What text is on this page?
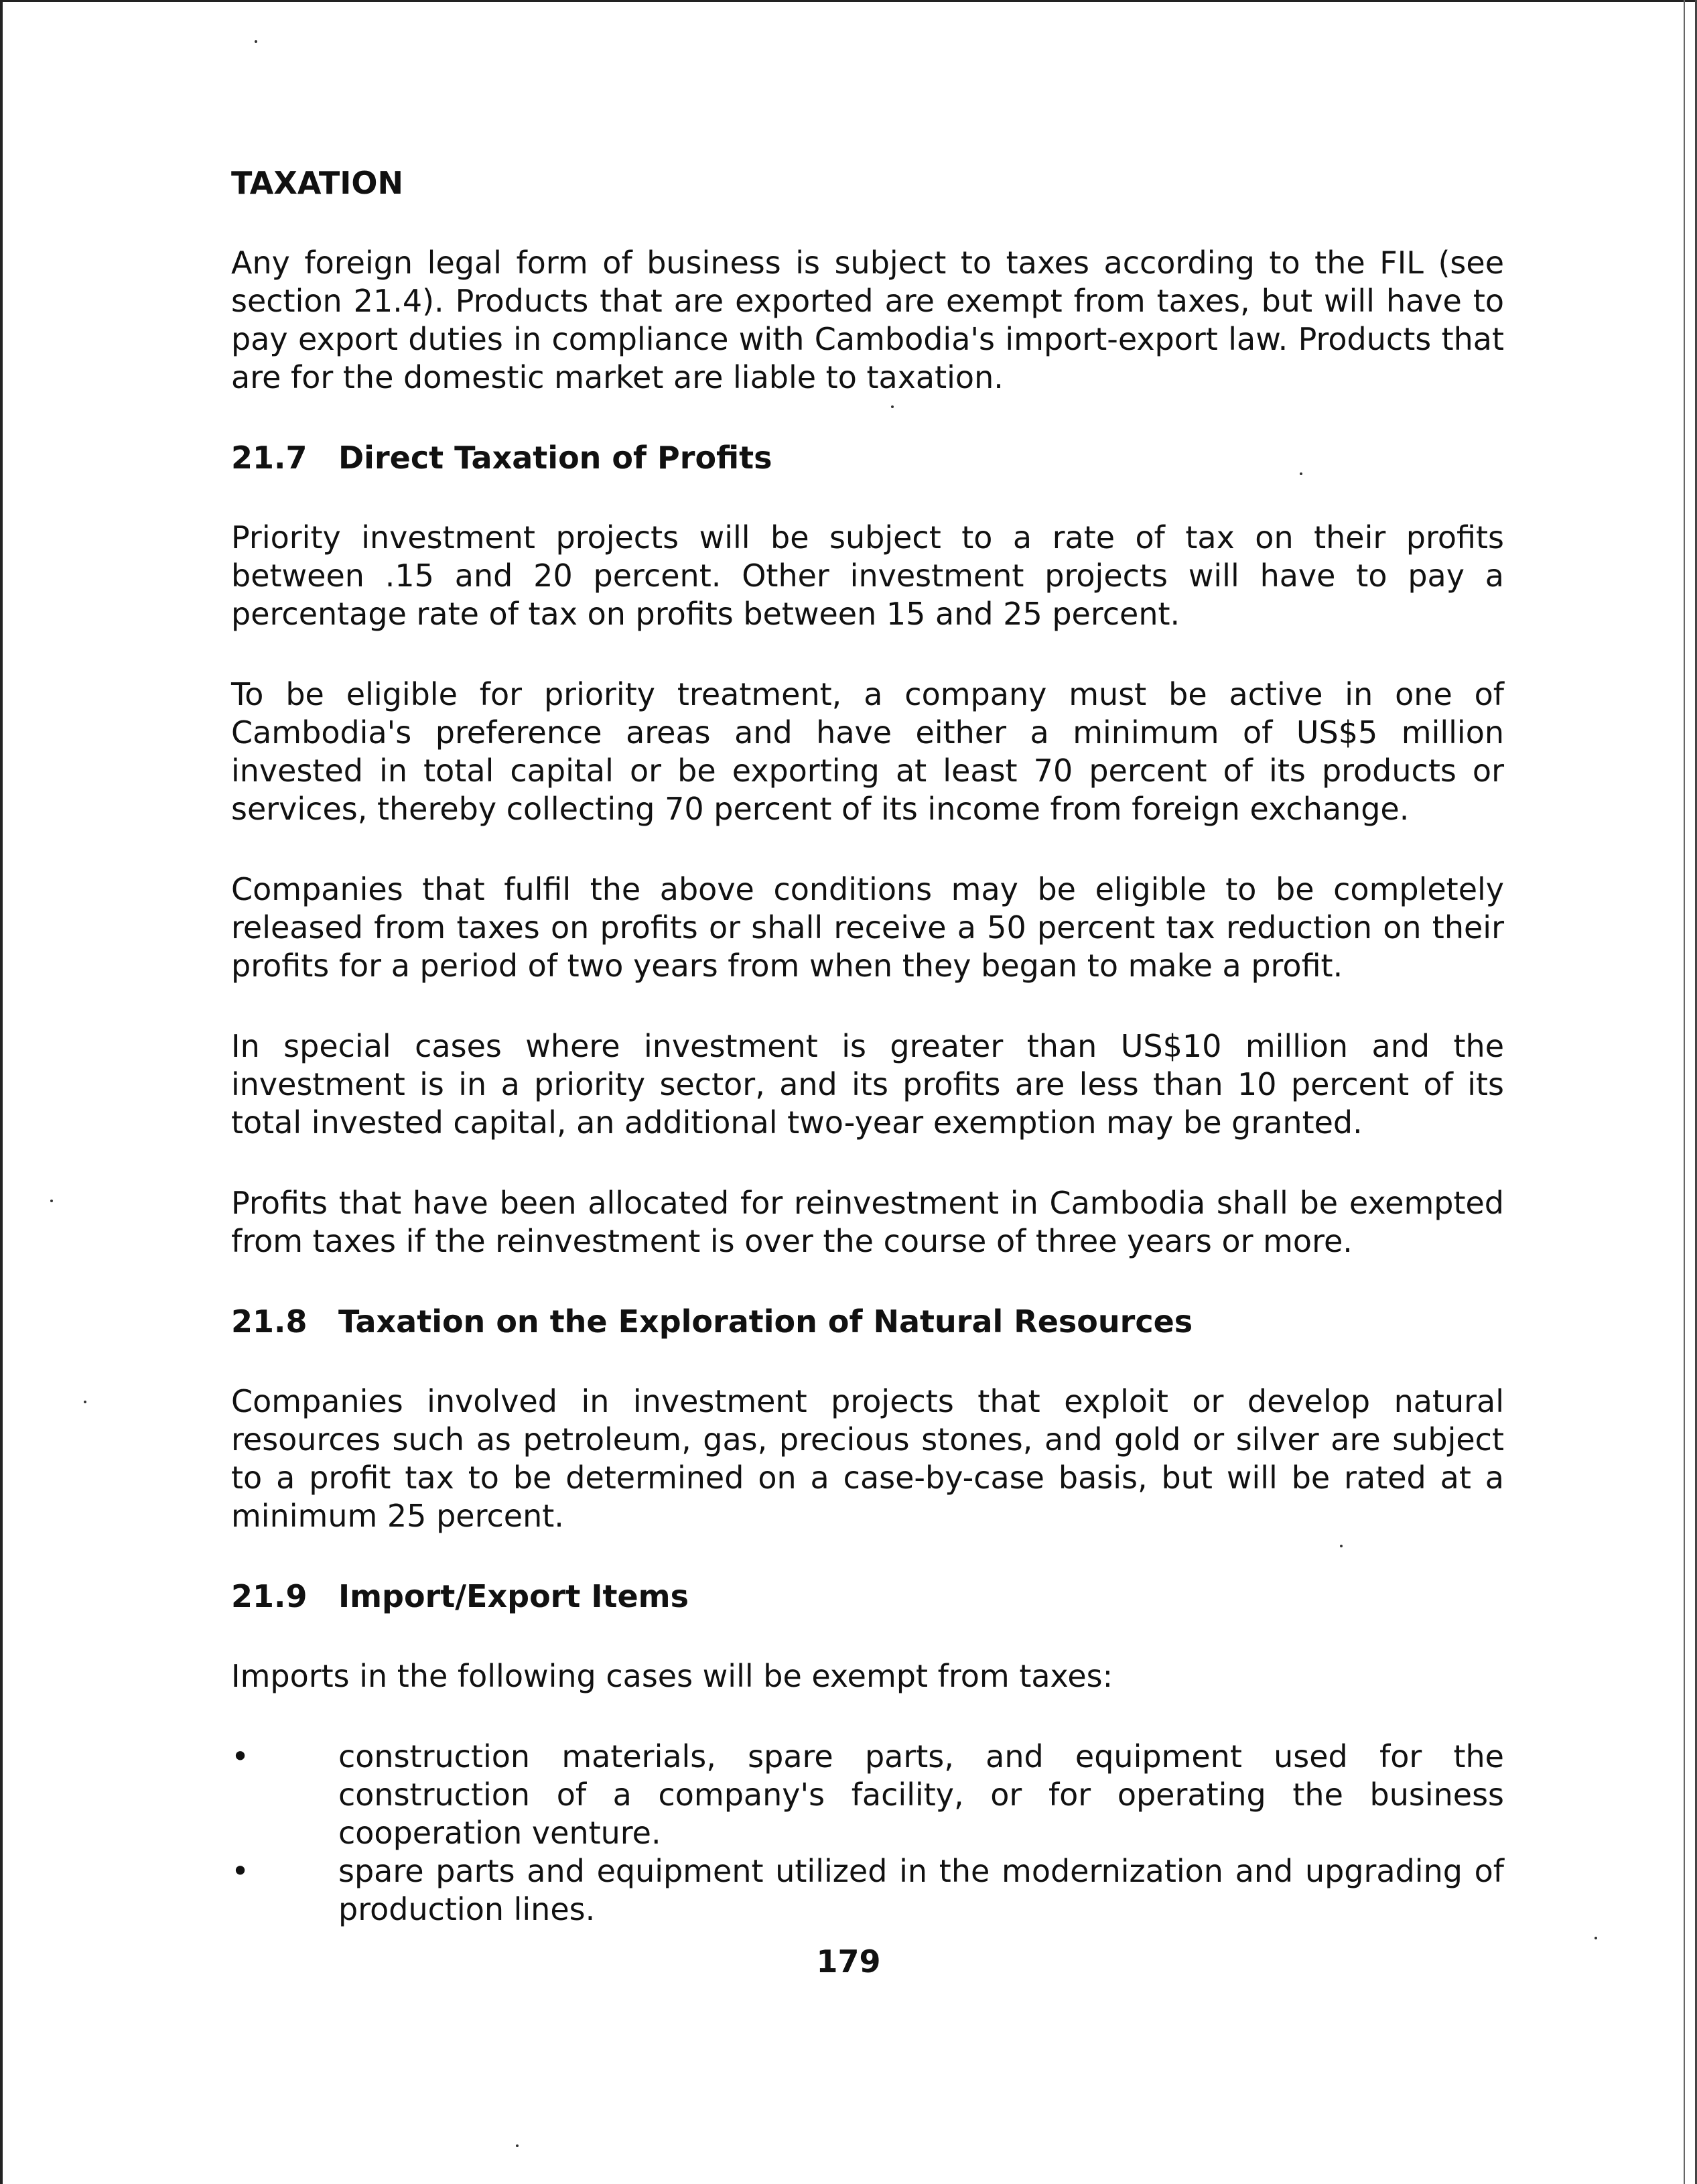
TAXATION

Any foreign legal form of business is subject to taxes according to the FIL (see section 21.4). Products that are exported are exempt from taxes, but will have to pay export duties in compliance with Cambodia's import-export law. Products that are for the domestic market are liable to taxation.

21.7 Direct Taxation of Profits

Priority investment projects will be subject to a rate of tax on their profits between .15 and 20 percent. Other investment projects will have to pay a percentage rate of tax on profits between 15 and 25 percent.

To be eligible for priority treatment, a company must be active in one of Cambodia's preference areas and have either a minimum of US$5 million invested in total capital or be exporting at least 70 percent of its products or services, thereby collecting 70 percent of its income from foreign exchange.

Companies that fulfil the above conditions may be eligible to be completely released from taxes on profits or shall receive a 50 percent tax reduction on their profits for a period of two years from when they began to make a profit.

In special cases where investment is greater than US$10 million and the investment is in a priority sector, and its profits are less than 10 percent of its total invested capital, an additional two-year exemption may be granted.

Profits that have been allocated for reinvestment in Cambodia shall be exempted from taxes if the reinvestment is over the course of three years or more.

21.8 Taxation on the Exploration of Natural Resources

Companies involved in investment projects that exploit or develop natural resources such as petroleum, gas, precious stones, and gold or silver are subject to a profit tax to be determined on a case-by-case basis, but will be rated at a minimum 25 percent.

21.9 Import/Export Items

Imports in the following cases will be exempt from taxes:

•	construction materials, spare parts, and equipment used for the construction of a company's facility, or for operating the business cooperation venture.
•	spare parts and equipment utilized in the modernization and upgrading of production lines.
179
